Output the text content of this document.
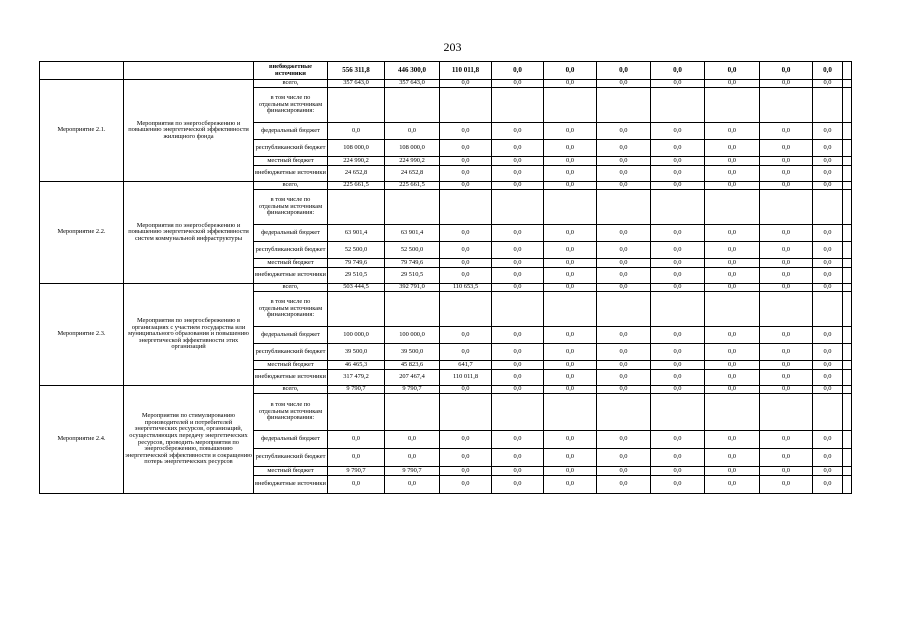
203
		внебюджетные источники	556 311,8	446 300,0	110 011,8	0,0	0,0	0,0	0,0	0,0	0,0	0,0	
Мероприятие 2.1.	Мероприятия по энергосбережению и повышению энергетической эффективности жилищного фонда	всего,	357 643,0	357 643,0	0,0	0,0	0,0	0,0	0,0	0,0	0,0	0,0	
		в том числе по отдельным источникам финансирования:											
		федеральный бюджет	0,0	0,0	0,0	0,0	0,0	0,0	0,0	0,0	0,0	0,0	
		республиканский бюджет	108 000,0	108 000,0	0,0	0,0	0,0	0,0	0,0	0,0	0,0	0,0	
		местный бюджет	224 990,2	224 990,2	0,0	0,0	0,0	0,0	0,0	0,0	0,0	0,0	
		внебюджетные источники	24 652,8	24 652,8	0,0	0,0	0,0	0,0	0,0	0,0	0,0	0,0	
Мероприятие 2.2.	Мероприятия по энергосбережению и повышению энергетической эффективности систем коммунальной инфраструктуры	всего,	225 661,5	225 661,5	0,0	0,0	0,0	0,0	0,0	0,0	0,0	0,0	
		в том числе по отдельным источникам финансирования:											
		федеральный бюджет	63 901,4	63 901,4	0,0	0,0	0,0	0,0	0,0	0,0	0,0	0,0	
		республиканский бюджет	52 500,0	52 500,0	0,0	0,0	0,0	0,0	0,0	0,0	0,0	0,0	
		местный бюджет	79 749,6	79 749,6	0,0	0,0	0,0	0,0	0,0	0,0	0,0	0,0	
		внебюджетные источники	29 510,5	29 510,5	0,0	0,0	0,0	0,0	0,0	0,0	0,0	0,0	
Мероприятие 2.3.	Мероприятия по энергосбережению в организациях с участием государства или муниципального образования и повышению энергетической эффективности этих организаций	всего,	503 444,5	392 791,0	110 653,5	0,0	0,0	0,0	0,0	0,0	0,0	0,0	
		в том числе по отдельным источникам финансирования:											
		федеральный бюджет	100 000,0	100 000,0	0,0	0,0	0,0	0,0	0,0	0,0	0,0	0,0	
		республиканский бюджет	39 500,0	39 500,0	0,0	0,0	0,0	0,0	0,0	0,0	0,0	0,0	
		местный бюджет	46 465,3	45 823,6	641,7	0,0	0,0	0,0	0,0	0,0	0,0	0,0	
		внебюджетные источники	317 479,2	207 467,4	110 011,8	0,0	0,0	0,0	0,0	0,0	0,0	0,0	
Мероприятие 2.4.	Мероприятия по стимулированию производителей и потребителей энергетических ресурсов, организаций, осуществляющих передачу энергетических ресурсов, проводить мероприятия по энергосбережению, повышению энергетической эффективности и сокращению потерь энергетических ресурсов	всего,	9 790,7	9 790,7	0,0	0,0	0,0	0,0	0,0	0,0	0,0	0,0	
		в том числе по отдельным источникам финансирования:											
		федеральный бюджет	0,0	0,0	0,0	0,0	0,0	0,0	0,0	0,0	0,0	0,0	
		республиканский бюджет	0,0	0,0	0,0	0,0	0,0	0,0	0,0	0,0	0,0	0,0	
		местный бюджет	9 790,7	9 790,7	0,0	0,0	0,0	0,0	0,0	0,0	0,0	0,0	
		внебюджетные источники	0,0	0,0	0,0	0,0	0,0	0,0	0,0	0,0	0,0	0,0	
